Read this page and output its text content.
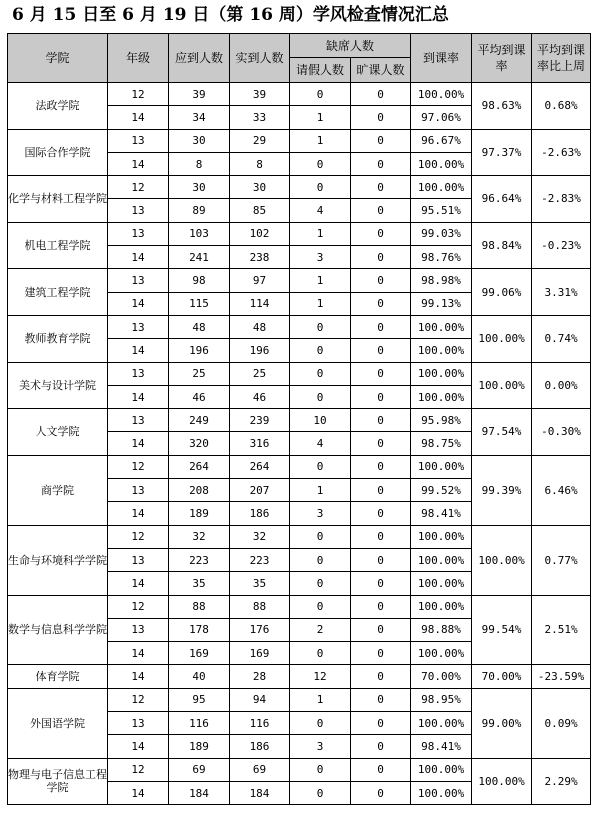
6 月 15 日至 6 月 19 日（第 16 周）学风检查情况汇总
学院	年级	应到人数	实到人数	缺席人数		到课率	平均到课率	平均到课率比上周
				请假人数	旷课人数			
法政学院	12	39	39	0	0	100.00%	98.63%	0.68%
	14	34	33	1	0	97.06%		
国际合作学院	13	30	29	1	0	96.67%	97.37%	-2.63%
	14	8	8	0	0	100.00%		
化学与材料工程学院	12	30	30	0	0	100.00%	96.64%	-2.83%
	13	89	85	4	0	95.51%		
机电工程学院	13	103	102	1	0	99.03%	98.84%	-0.23%
	14	241	238	3	0	98.76%		
建筑工程学院	13	98	97	1	0	98.98%	99.06%	3.31%
	14	115	114	1	0	99.13%		
教师教育学院	13	48	48	0	0	100.00%	100.00%	0.74%
	14	196	196	0	0	100.00%		
美术与设计学院	13	25	25	0	0	100.00%	100.00%	0.00%
	14	46	46	0	0	100.00%		
人文学院	13	249	239	10	0	95.98%	97.54%	-0.30%
	14	320	316	4	0	98.75%		
商学院	12	264	264	0	0	100.00%	99.39%	6.46%
	13	208	207	1	0	99.52%		
	14	189	186	3	0	98.41%		
生命与环境科学学院	12	32	32	0	0	100.00%	100.00%	0.77%
	13	223	223	0	0	100.00%		
	14	35	35	0	0	100.00%		
数学与信息科学学院	12	88	88	0	0	100.00%	99.54%	2.51%
	13	178	176	2	0	98.88%		
	14	169	169	0	0	100.00%		
体育学院	14	40	28	12	0	70.00%	70.00%	-23.59%
外国语学院	12	95	94	1	0	98.95%	99.00%	0.09%
	13	116	116	0	0	100.00%		
	14	189	186	3	0	98.41%		
物理与电子信息工程学院	12	69	69	0	0	100.00%	100.00%	2.29%
	14	184	184	0	0	100.00%		
